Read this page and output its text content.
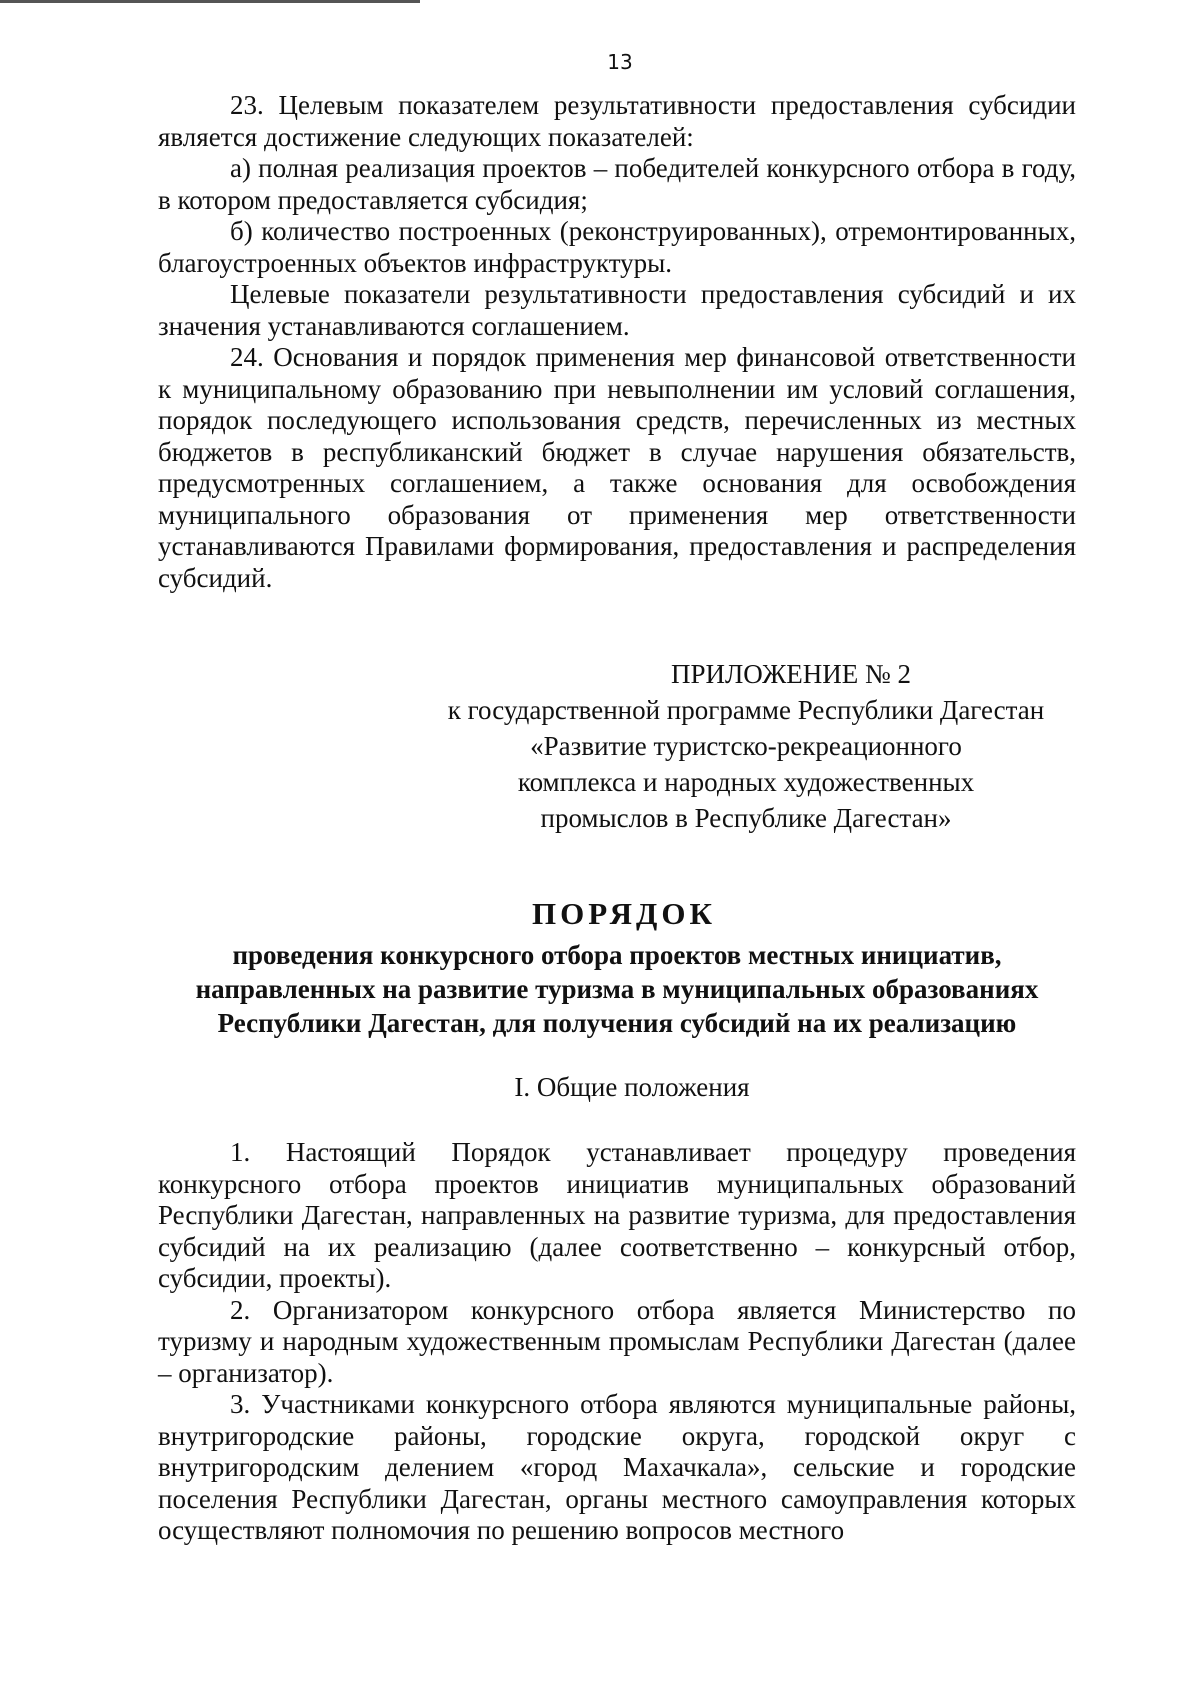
13

23. Целевым показателем результативности предоставления субсидии является достижение следующих показателей:

а) полная реализация проектов – победителей конкурсного отбора в году, в котором предоставляется субсидия;

б) количество построенных (реконструированных), отремонтированных, благоустроенных объектов инфраструктуры.

Целевые показатели результативности предоставления субсидий и их значения устанавливаются соглашением.

24. Основания и порядок применения мер финансовой ответственности к муниципальному образованию при невыполнении им условий соглашения, порядок последующего использования средств, перечисленных из местных бюджетов в республиканский бюджет в случае нарушения обязательств, предусмотренных соглашением, а также основания для освобождения муниципального образования от применения мер ответственности устанавливаются Правилами формирования, предоставления и распределения субсидий.

ПРИЛОЖЕНИЕ № 2
к государственной программе Республики Дагестан
«Развитие туристско-рекреационного
комплекса и народных художественных
промыслов в Республике Дагестан»
ПОРЯДОК
проведения конкурсного отбора проектов местных инициатив,
направленных на развитие туризма в муниципальных образованиях
Республики Дагестан, для получения субсидий на их реализацию
I. Общие положения

1. Настоящий Порядок устанавливает процедуру проведения конкурсного отбора проектов инициатив муниципальных образований Республики Дагестан, направленных на развитие туризма, для предоставления субсидий на их реализацию (далее соответственно – конкурсный отбор, субсидии, проекты).

2. Организатором конкурсного отбора является Министерство по туризму и народным художественным промыслам Республики Дагестан (далее – организатор).

3. Участниками конкурсного отбора являются муниципальные районы, внутригородские районы, городские округа, городской округ с внутригородским делением «город Махачкала», сельские и городские поселения Республики Дагестан, органы местного самоуправления которых осуществляют полномочия по решению вопросов местного
